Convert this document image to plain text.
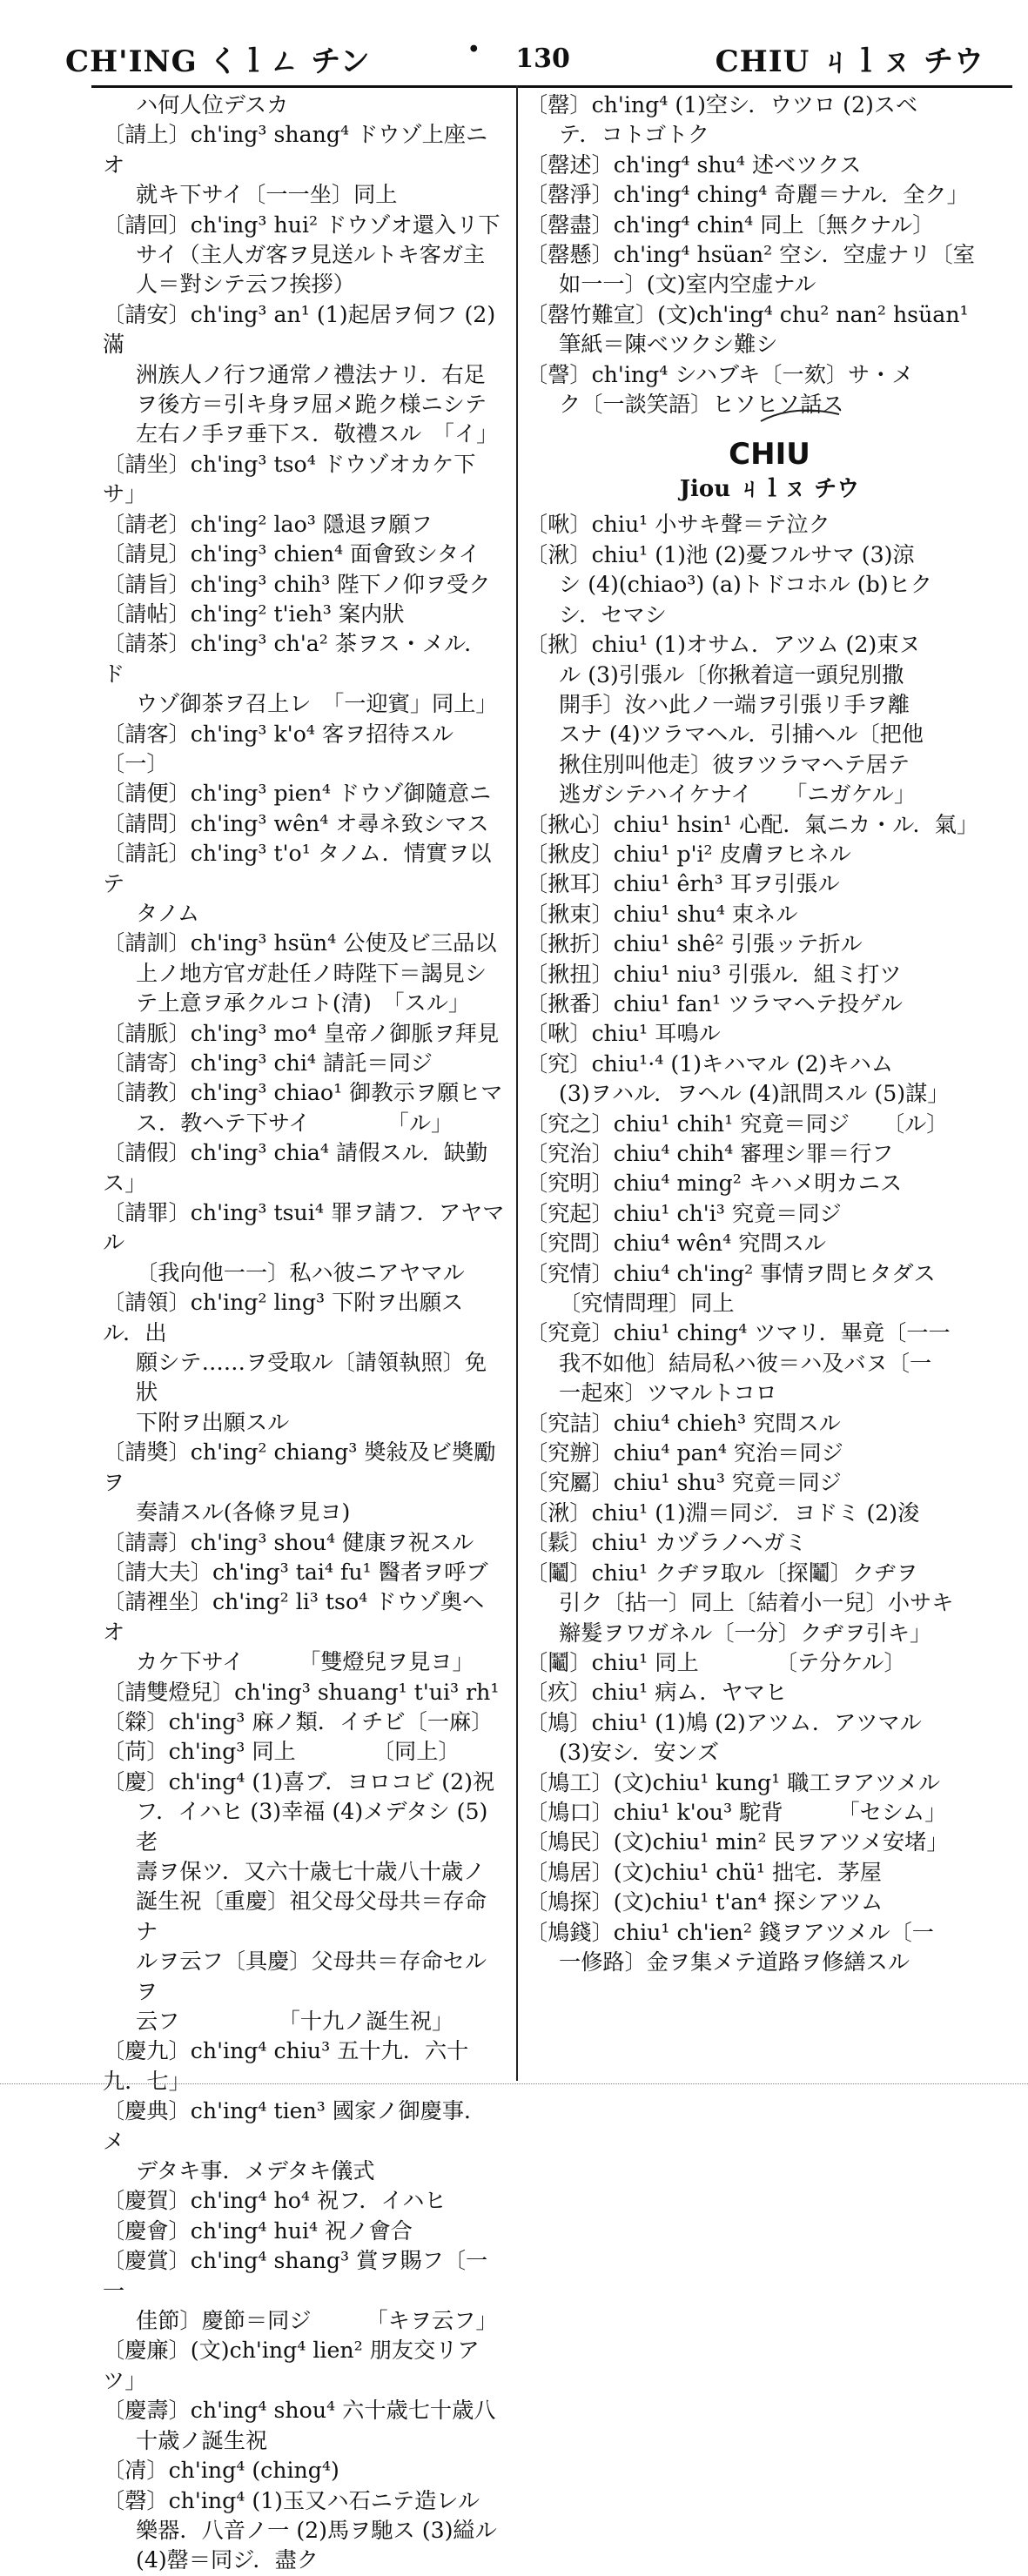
CH'ING くｌㄥ チン	• 130	CHIU ㄐｌㄡ チウ

ハ何人位デスカ

〔請上〕ch'ing³ shang⁴ ドウゾ上座ニオ

就キ下サイ〔一一坐〕同上

〔請回〕ch'ing³ hui² ドウゾオ還入リ下

サイ（主人ガ客ヲ見送ルトキ客ガ主

人＝對シテ云フ挨拶）

〔請安〕ch'ing³ an¹ (1)起居ヲ伺フ (2)滿

洲族人ノ行フ通常ノ禮法ナリ．右足

ヲ後方＝引キ身ヲ屈メ跪ク様ニシテ

左右ノ手ヲ垂下ス．敬禮スル　「イ」

〔請坐〕ch'ing³ tso⁴ ドウゾオカケ下サ」

〔請老〕ch'ing² lao³ 隱退ヲ願フ

〔請見〕ch'ing³ chien⁴ 面會致シタイ

〔請旨〕ch'ing³ chih³ 陛下ノ仰ヲ受ク

〔請帖〕ch'ing² t'ieh³ 案内狀

〔請茶〕ch'ing³ ch'a² 茶ヲス・メル．ド

ウゾ御茶ヲ召上レ　「一迎賓」同上」

〔請客〕ch'ing³ k'o⁴ 客ヲ招待スル〔一〕

〔請便〕ch'ing³ pien⁴ ドウゾ御隨意ニ

〔請問〕ch'ing³ wên⁴ オ尋ネ致シマス

〔請託〕ch'ing³ t'o¹ タノム．情實ヲ以テ

タノム

〔請訓〕ch'ing³ hsün⁴ 公使及ビ三品以

上ノ地方官ガ赴任ノ時陛下＝謁見シ

テ上意ヲ承クルコト(清)　「スル」

〔請脈〕ch'ing³ mo⁴ 皇帝ノ御脈ヲ拜見

〔請寄〕ch'ing³ chi⁴ 請託＝同ジ

〔請教〕ch'ing³ chiao¹ 御教示ヲ願ヒマ

ス．教ヘテ下サイ　　　　「ル」

〔請假〕ch'ing³ chia⁴ 請假スル．缺勤ス」

〔請罪〕ch'ing³ tsui⁴ 罪ヲ請フ．アヤマル

〔我向他一一〕私ハ彼ニアヤマル

〔請領〕ch'ing² ling³ 下附ヲ出願スル．出

願シテ……ヲ受取ル〔請領執照〕免狀

下附ヲ出願スル

〔請奬〕ch'ing² chiang³ 奬敍及ビ奬勵ヲ

奏請スル(各條ヲ見ヨ)

〔請壽〕ch'ing³ shou⁴ 健康ヲ祝スル

〔請大夫〕ch'ing³ tai⁴ fu¹ 醫者ヲ呼ブ

〔請裡坐〕ch'ing² li³ tso⁴ ドウゾ奥ヘオ

カケ下サイ　　　「雙燈兒ヲ見ヨ」

〔請雙燈兒〕ch'ing³ shuang¹ t'ui³ rh¹

〔檾〕ch'ing³ 麻ノ類．イチビ〔一麻〕

〔苘〕ch'ing³ 同上　　　　〔同上〕

〔慶〕ch'ing⁴ (1)喜ブ．ヨロコビ (2)祝

フ．イハヒ (3)幸福 (4)メデタシ (5)老

壽ヲ保ツ．又六十歳七十歳八十歳ノ

誕生祝〔重慶〕祖父母父母共＝存命ナ

ルヲ云フ〔具慶〕父母共＝存命セルヲ

云フ　　　　　「十九ノ誕生祝」

〔慶九〕ch'ing⁴ chiu³ 五十九．六十九．七」

〔慶典〕ch'ing⁴ tien³ 國家ノ御慶事．メ

デタキ事．メデタキ儀式

〔慶賀〕ch'ing⁴ ho⁴ 祝フ．イハヒ

〔慶會〕ch'ing⁴ hui⁴ 祝ノ會合

〔慶賞〕ch'ing⁴ shang³ 賞ヲ賜フ〔一一

佳節〕慶節＝同ジ　　　「キヲ云フ」

〔慶廉〕(文)ch'ing⁴ lien² 朋友交リアツ」

〔慶壽〕ch'ing⁴ shou⁴ 六十歳七十歳八

十歳ノ誕生祝

〔凊〕ch'ing⁴ (ching⁴)

〔磬〕ch'ing⁴ (1)玉又ハ石ニテ造レル

樂器．八音ノ一 (2)馬ヲ馳ス (3)縊ル

(4)罄＝同ジ．盡ク

〔罄〕ch'ing⁴ (1)空シ．ウツロ (2)スベ

テ．コトゴトク

〔罄述〕ch'ing⁴ shu⁴ 述ベツクス

〔罄淨〕ch'ing⁴ ching⁴ 奇麗＝ナル．全ク」

〔罄盡〕ch'ing⁴ chin⁴ 同上〔無クナル〕

〔罄懸〕ch'ing⁴ hsüan² 空シ．空虚ナリ〔室

如一一〕(文)室内空虚ナル

〔罄竹難宣〕(文)ch'ing⁴ chu² nan² hsüan¹

筆紙＝陳ベツクシ難シ

〔謦〕ch'ing⁴ シハブキ〔一欬〕サ・メ

ク〔一談笑語〕ヒソヒソ話ス

CHIU
Jiou ㄐｌㄡ チウ

〔啾〕chiu¹ 小サキ聲＝テ泣ク

〔湫〕chiu¹ (1)池 (2)憂フルサマ (3)涼

シ (4)(chiao³) (a)トドコホル (b)ヒク

シ．セマシ

〔揪〕chiu¹ (1)オサム．アツム (2)束ヌ

ル (3)引張ル〔你揪着這一頭兒別撒

開手〕汝ハ此ノ一端ヲ引張リ手ヲ離

スナ (4)ツラマヘル．引捕ヘル〔把他

揪住別叫他走〕彼ヲツラマヘテ居テ

逃ガシテハイケナイ　　「ニガケル」

〔揪心〕chiu¹ hsin¹ 心配．氣ニカ・ル．氣」

〔揪皮〕chiu¹ p'i² 皮膚ヲヒネル

〔揪耳〕chiu¹ êrh³ 耳ヲ引張ル

〔揪束〕chiu¹ shu⁴ 束ネル

〔揪折〕chiu¹ shê² 引張ッテ折ル

〔揪扭〕chiu¹ niu³ 引張ル．組ミ打ツ

〔揪番〕chiu¹ fan¹ ツラマヘテ投ゲル

〔啾〕chiu¹ 耳鳴ル

〔究〕chiu¹·⁴ (1)キハマル (2)キハム

(3)ヲハル．ヲヘル (4)訊問スル (5)謀」

〔究之〕chiu¹ chih¹ 究竟＝同ジ　　〔ル〕

〔究治〕chiu⁴ chih⁴ 審理シ罪＝行フ

〔究明〕chiu⁴ ming² キハメ明カニス

〔究起〕chiu¹ ch'i³ 究竟＝同ジ

〔究問〕chiu⁴ wên⁴ 究問スル

〔究情〕chiu⁴ ch'ing² 事情ヲ問ヒタダス

〔究情問理〕同上

〔究竟〕chiu¹ ching⁴ ツマリ．畢竟〔一一

我不如他〕結局私ハ彼＝ハ及バヌ〔一

一起來〕ツマルトコロ

〔究詰〕chiu⁴ chieh³ 究問スル

〔究辦〕chiu⁴ pan⁴ 究治＝同ジ

〔究屬〕chiu¹ shu³ 究竟＝同ジ

〔湫〕chiu¹ (1)淵＝同ジ．ヨドミ (2)浚

〔鬏〕chiu¹ カヅラノヘガミ

〔鬮〕chiu¹ クヂヲ取ル〔探鬮〕クヂヲ

引ク〔拈一〕同上〔結着小一兒〕小サキ

辮髮ヲワガネル〔一分〕クヂヲ引キ」

〔鬮〕chiu¹ 同上　　　　〔テ分ケル〕

〔疚〕chiu¹ 病ム．ヤマヒ

〔鳩〕chiu¹ (1)鳩 (2)アツム．アツマル

(3)安シ．安ンズ

〔鳩工〕(文)chiu¹ kung¹ 職工ヲアツメル

〔鳩口〕chiu¹ k'ou³ 駝背　　　「セシム」

〔鳩民〕(文)chiu¹ min² 民ヲアツメ安堵」

〔鳩居〕(文)chiu¹ chü¹ 拙宅．茅屋

〔鳩探〕(文)chiu¹ t'an⁴ 探シアツム

〔鳩錢〕chiu¹ ch'ien² 錢ヲアツメル〔一

一修路〕金ヲ集メテ道路ヲ修繕スル
